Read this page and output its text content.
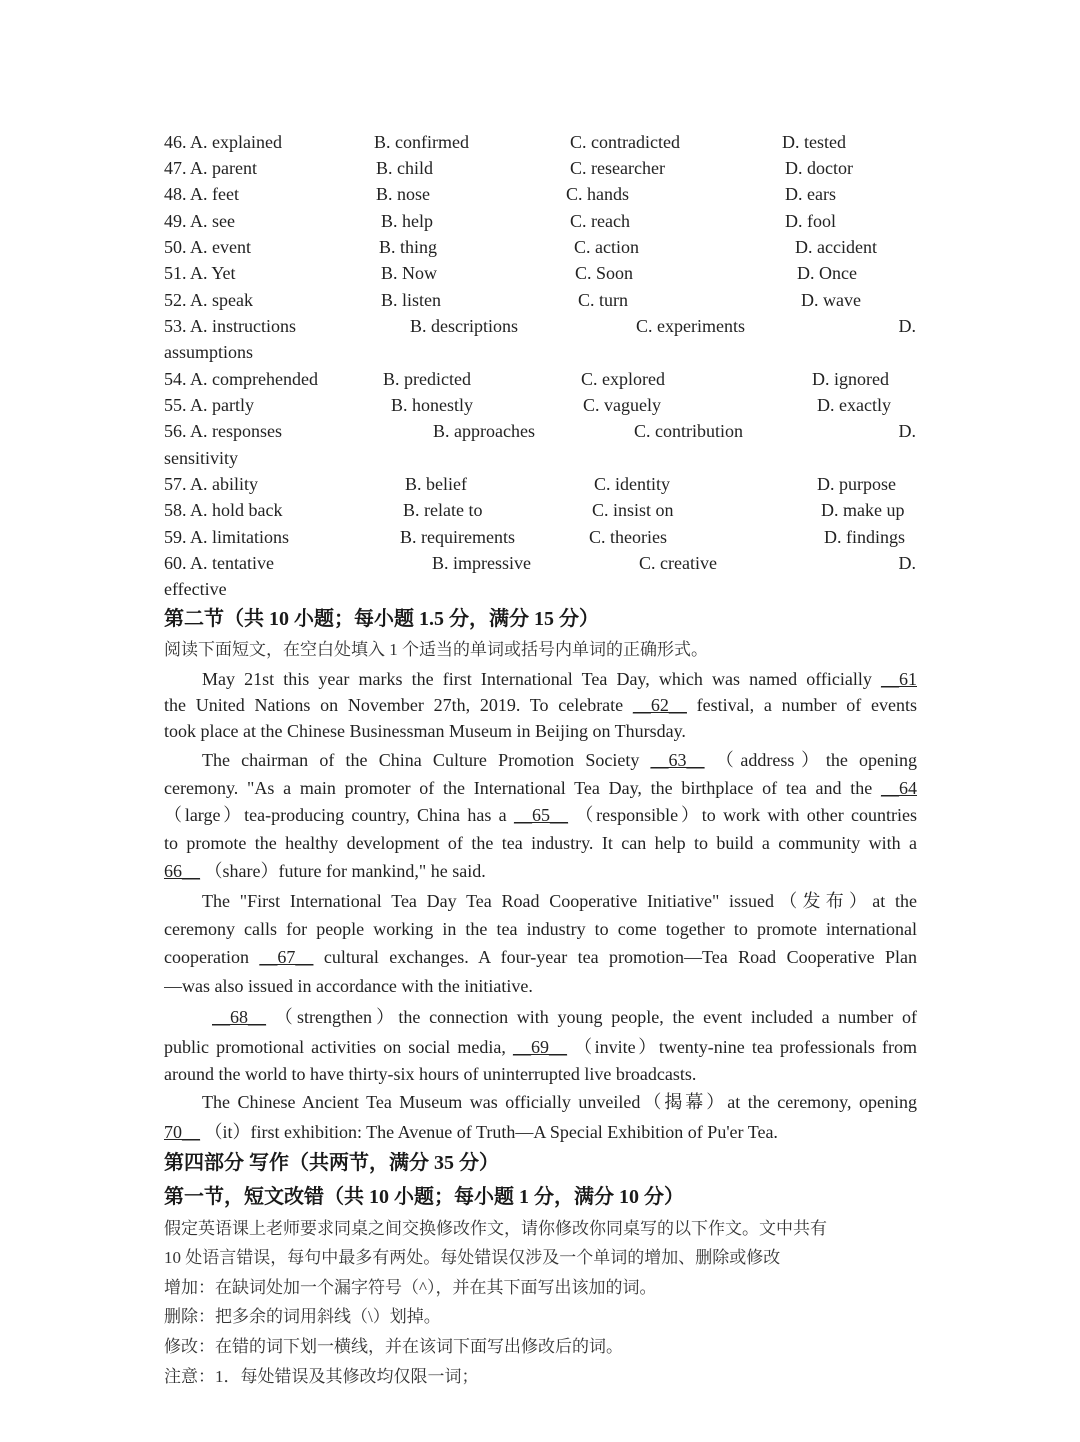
46. A. explained	B. confirmed	C. contradicted	D. tested
47. A. parent	B. child	C. researcher	D. doctor
48. A. feet	B. nose	C. hands	D. ears
49. A. see	B. help	C. reach	D. fool
50. A. event	B. thing	C. action	D. accident
51. A. Yet	B. Now	C. Soon	D. Once
52. A. speak	B. listen	C. turn	D. wave
53. A. instructions	B. descriptions	C. experiments	D.
assumptions
54. A. comprehended	B. predicted	C. explored	D. ignored
55. A. partly	B. honestly	C. vaguely	D. exactly
56. A. responses	B. approaches	C. contribution	D.
sensitivity
57. A. ability	B. belief	C. identity	D. purpose
58. A. hold back	B. relate to	C. insist on	D. make up
59. A. limitations	B. requirements	C. theories	D. findings
60. A. tentative	B. impressive	C. creative	D.
effective
第二节（共 10 小题；每小题 1.5 分，满分 15 分）
阅读下面短文，在空白处填入 1 个适当的单词或括号内单词的正确形式。
May 21st this year marks the first International Tea Day, which was named officially __61
the United Nations on November 27th, 2019. To celebrate __62__ festival, a number of events
took place at the Chinese Businessman Museum in Beijing on Thursday.
The chairman of the China Culture Promotion Society __63__ （address）the opening
ceremony. "As a main promoter of the International Tea Day, the birthplace of tea and the __64
（large）tea-producing country, China has a __65__ （responsible）to work with other countries
to promote the healthy development of the tea industry. It can help to build a community with a
66__ （share）future for mankind," he said.
The "First International Tea Day Tea Road Cooperative Initiative" issued（发布）at the
ceremony calls for people working in the tea industry to come together to promote international
cooperation __67__ cultural exchanges. A four-year tea promotion—Tea Road Cooperative Plan
—was also issued in accordance with the initiative.
__68__ （strengthen）the connection with young people, the event included a number of
public promotional activities on social media, __69__ （invite）twenty-nine tea professionals from
around the world to have thirty-six hours of uninterrupted live broadcasts.
The Chinese Ancient Tea Museum was officially unveiled（揭幕）at the ceremony, opening
70__ （it）first exhibition: The Avenue of Truth—A Special Exhibition of Pu'er Tea.
第四部分 写作（共两节，满分 35 分）
第一节，短文改错（共 10 小题；每小题 1 分，满分 10 分）
假定英语课上老师要求同桌之间交换修改作文，请你修改你同桌写的以下作文。文中共有
10 处语言错误，每句中最多有两处。每处错误仅涉及一个单词的增加、删除或修改
增加：在缺词处加一个漏字符号（^），并在其下面写出该加的词。
删除：把多余的词用斜线（\）划掉。
修改：在错的词下划一横线，并在该词下面写出修改后的词。
注意：1．每处错误及其修改均仅限一词；
